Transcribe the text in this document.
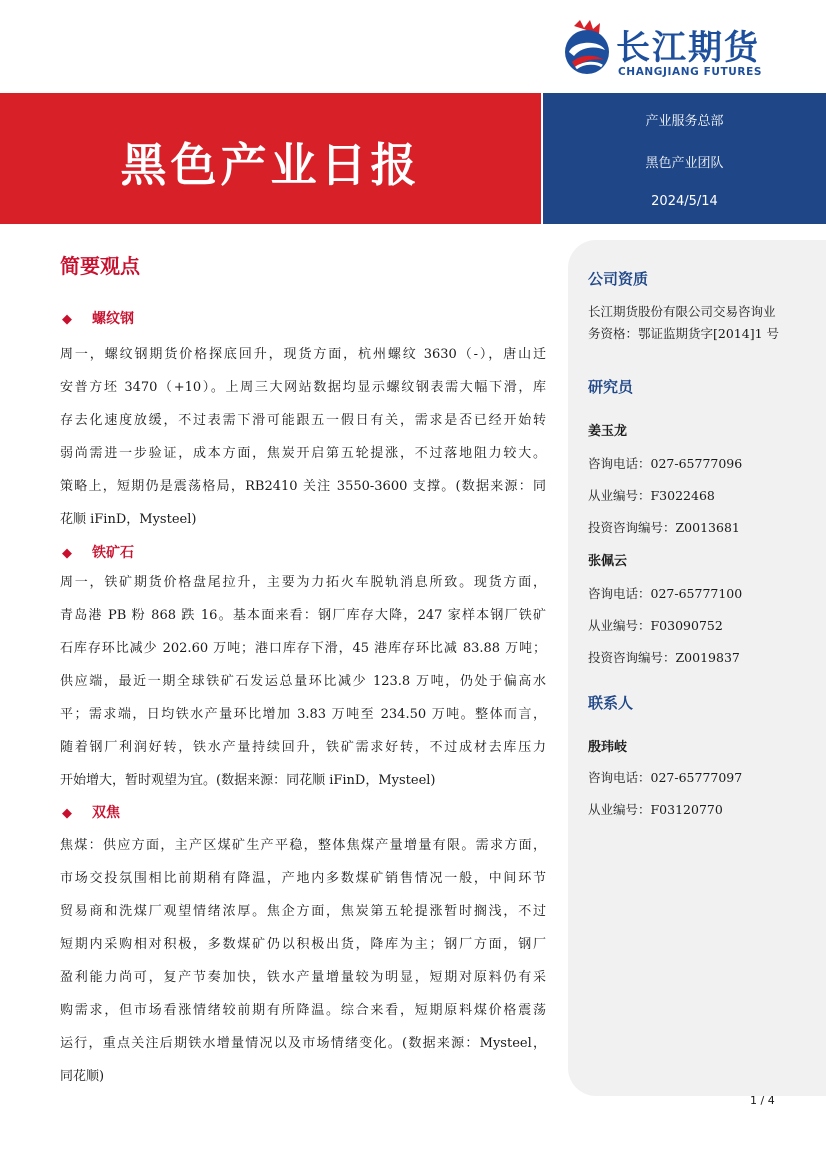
长江期货
CHANGJIANG FUTURES
黑色产业日报
产业服务总部
黑色产业团队
2024/5/14
简要观点
◆ 螺纹钢

周一，螺纹钢期货价格探底回升，现货方面，杭州螺纹 3630（-），唐山迁
安普方坯 3470（+10）。上周三大网站数据均显示螺纹钢表需大幅下滑，库
存去化速度放缓，不过表需下滑可能跟五一假日有关，需求是否已经开始转
弱尚需进一步验证，成本方面，焦炭开启第五轮提涨，不过落地阻力较大。
策略上，短期仍是震荡格局，RB2410 关注 3550-3600 支撑。(数据来源：同
花顺 iFinD，Mysteel)

◆ 铁矿石

周一，铁矿期货价格盘尾拉升，主要为力拓火车脱轨消息所致。现货方面，
青岛港 PB 粉 868 跌 16。基本面来看：钢厂库存大降，247 家样本钢厂铁矿
石库存环比减少 202.60 万吨；港口库存下滑，45 港库存环比减 83.88 万吨；
供应端，最近一期全球铁矿石发运总量环比减少 123.8 万吨，仍处于偏高水
平；需求端，日均铁水产量环比增加 3.83 万吨至 234.50 万吨。整体而言，
随着钢厂利润好转，铁水产量持续回升，铁矿需求好转，不过成材去库压力
开始增大，暂时观望为宜。(数据来源：同花顺 iFinD，Mysteel)

◆ 双焦

焦煤：供应方面，主产区煤矿生产平稳，整体焦煤产量增量有限。需求方面，
市场交投氛围相比前期稍有降温，产地内多数煤矿销售情况一般，中间环节
贸易商和洗煤厂观望情绪浓厚。焦企方面，焦炭第五轮提涨暂时搁浅，不过
短期内采购相对积极，多数煤矿仍以积极出货，降库为主；钢厂方面，钢厂
盈利能力尚可，复产节奏加快，铁水产量增量较为明显，短期对原料仍有采
购需求，但市场看涨情绪较前期有所降温。综合来看，短期原料煤价格震荡
运行，重点关注后期铁水增量情况以及市场情绪变化。(数据来源：Mysteel，
同花顺)

公司资质
长江期货股份有限公司交易咨询业
务资格：鄂证监期货字[2014]1 号
研究员
姜玉龙
咨询电话：027-65777096
从业编号：F3022468
投资咨询编号：Z0013681
张佩云
咨询电话：027-65777100
从业编号：F03090752
投资咨询编号：Z0019837
联系人
殷玮岐
咨询电话：027-65777097
从业编号：F03120770
1 / 4
